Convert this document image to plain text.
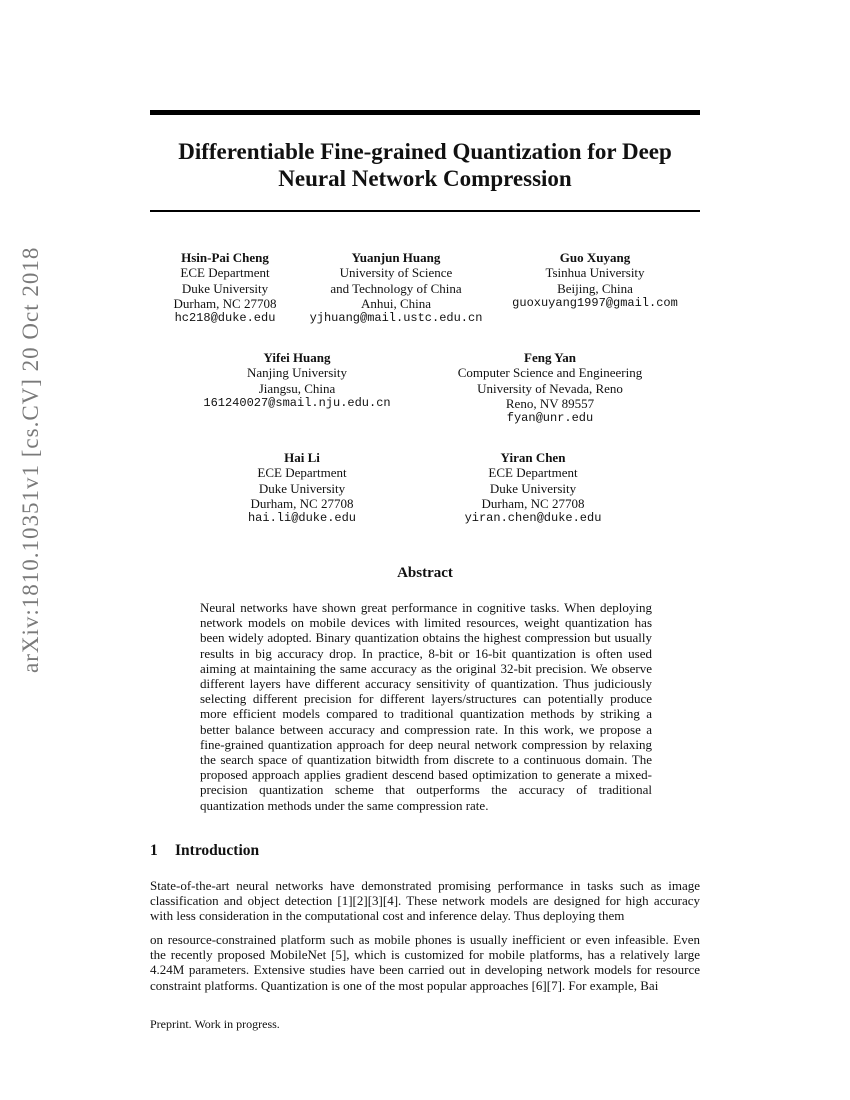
arXiv:1810.10351v1 [cs.CV] 20 Oct 2018
Differentiable Fine-grained Quantization for Deep
Neural Network Compression
Hsin-Pai Cheng
ECE Department
Duke University
Durham, NC 27708
hc218@duke.edu
Yuanjun Huang
University of Science
and Technology of China
Anhui, China
yjhuang@mail.ustc.edu.cn
Guo Xuyang
Tsinhua University
Beijing, China
guoxuyang1997@gmail.com
Yifei Huang
Nanjing University
Jiangsu, China
161240027@smail.nju.edu.cn
Feng Yan
Computer Science and Engineering
University of Nevada, Reno
Reno, NV 89557
fyan@unr.edu
Hai Li
ECE Department
Duke University
Durham, NC 27708
hai.li@duke.edu
Yiran Chen
ECE Department
Duke University
Durham, NC 27708
yiran.chen@duke.edu
Abstract
Neural networks have shown great performance in cognitive tasks. When deploying network models on mobile devices with limited resources, weight quantization has been widely adopted. Binary quantization obtains the highest compression but usually results in big accuracy drop. In practice, 8-bit or 16-bit quantization is often used aiming at maintaining the same accuracy as the original 32-bit precision. We observe different layers have different accuracy sensitivity of quantization. Thus judiciously selecting different precision for different layers/structures can potentially produce more efficient models compared to traditional quantization methods by striking a better balance between accuracy and compression rate. In this work, we propose a fine-grained quantization approach for deep neural network compression by relaxing the search space of quantization bitwidth from discrete to a continuous domain. The proposed approach applies gradient descend based optimization to generate a mixed-precision quantization scheme that outperforms the accuracy of traditional quantization methods under the same compression rate.
1 Introduction
State-of-the-art neural networks have demonstrated promising performance in tasks such as image classification and object detection [1][2][3][4]. These network models are designed for high accuracy with less consideration in the computational cost and inference delay. Thus deploying them
on resource-constrained platform such as mobile phones is usually inefficient or even infeasible. Even the recently proposed MobileNet [5], which is customized for mobile platforms, has a relatively large 4.24M parameters. Extensive studies have been carried out in developing network models for resource constraint platforms. Quantization is one of the most popular approaches [6][7]. For example, Bai
Preprint. Work in progress.
